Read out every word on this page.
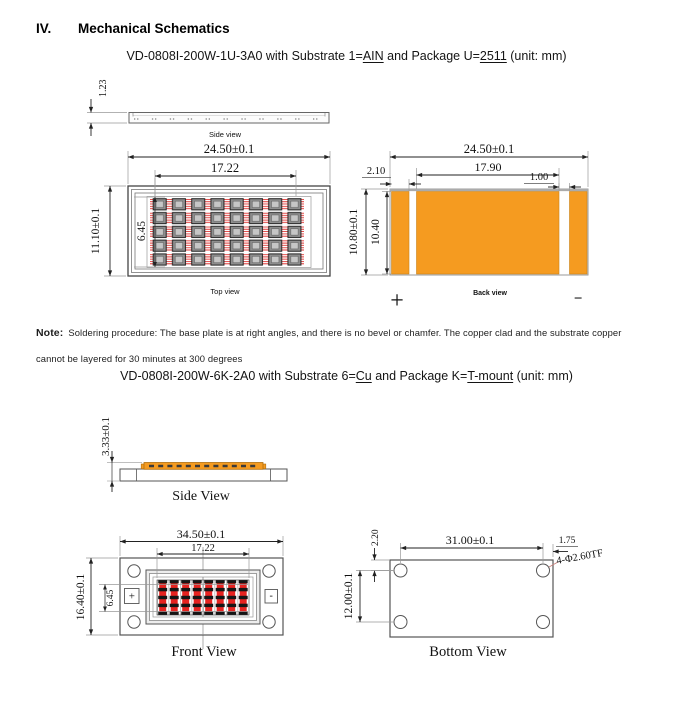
IV.	Mechanical Schematics
VD-0808I-200W-1U-3A0 with Substrate 1=AIN and Package U=2511 (unit: mm)
Note: Soldering procedure: The base plate is at right angles, and there is no bevel or chamfer. The copper clad and the substrate copper
cannot be layered for 30 minutes at 300 degrees
VD-0808I-200W-6K-2A0 with Substrate 6=Cu and Package K=T-mount (unit: mm)
1.23
Side view
24.50±0.1
17.22
11.10±0.1	6.45
Top view
24.50±0.1
17.90
2.10
1.00
10.80±0.1 10.40
+	−
Back view
3.33±0.1
Side View
+	-
34.50±0.1
17.22
16.40±0.1 6.45
Front View
31.00±0.1	1.75
2.20
12.00±0.1
4-Φ2.60TF
Bottom View
